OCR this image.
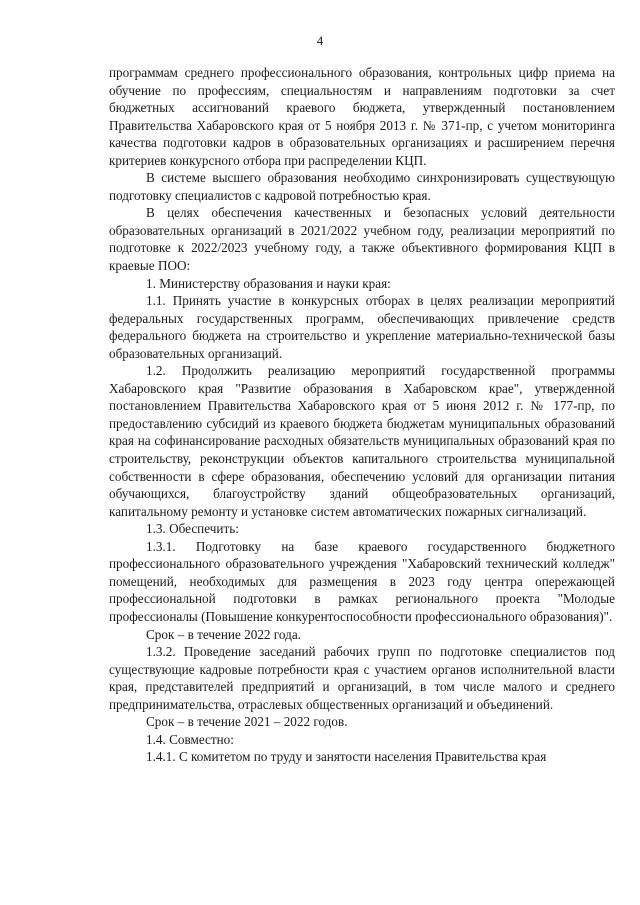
4

программам среднего профессионального образования, контрольных цифр приема на обучение по профессиям, специальностям и направлениям подготовки за счет бюджетных ассигнований краевого бюджета, утвержденный постановлением Правительства Хабаровского края от 5 ноября 2013 г. № 371-пр, с учетом мониторинга качества подготовки кадров в образовательных организациях и расширением перечня критериев конкурсного отбора при распределении КЦП.

В системе высшего образования необходимо синхронизировать существующую подготовку специалистов с кадровой потребностью края.

В целях обеспечения качественных и безопасных условий деятельности образовательных организаций в 2021/2022 учебном году, реализации мероприятий по подготовке к 2022/2023 учебному году, а также объективного формирования КЦП в краевые ПОО:

1. Министерству образования и науки края:

1.1. Принять участие в конкурсных отборах в целях реализации мероприятий федеральных государственных программ, обеспечивающих привлечение средств федерального бюджета на строительство и укрепление материально-технической базы образовательных организаций.

1.2. Продолжить реализацию мероприятий государственной программы Хабаровского края "Развитие образования в Хабаровском крае", утвержденной постановлением Правительства Хабаровского края от 5 июня 2012 г. № 177-пр, по предоставлению субсидий из краевого бюджета бюджетам муниципальных образований края на софинансирование расходных обязательств муниципальных образований края по строительству, реконструкции объектов капитального строительства муниципальной собственности в сфере образования, обеспечению условий для организации питания обучающихся, благоустройству зданий общеобразовательных организаций, капитальному ремонту и установке систем автоматических пожарных сигнализаций.

1.3. Обеспечить:

1.3.1. Подготовку на базе краевого государственного бюджетного профессионального образовательного учреждения "Хабаровский технический колледж" помещений, необходимых для размещения в 2023 году центра опережающей профессиональной подготовки в рамках регионального проекта "Молодые профессионалы (Повышение конкурентоспособности профессионального образования)".

Срок – в течение 2022 года.

1.3.2. Проведение заседаний рабочих групп по подготовке специалистов под существующие кадровые потребности края с участием органов исполнительной власти края, представителей предприятий и организаций, в том числе малого и среднего предпринимательства, отраслевых общественных организаций и объединений.

Срок – в течение 2021 – 2022 годов.

1.4. Совместно:

1.4.1. С комитетом по труду и занятости населения Правительства края
